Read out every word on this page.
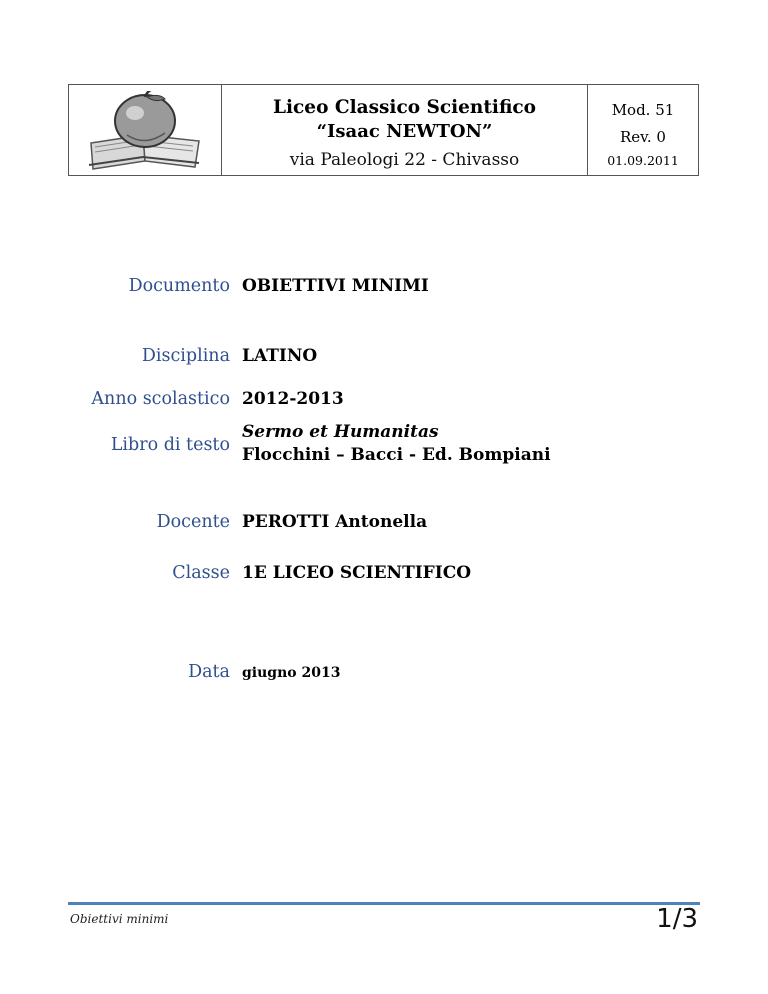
Liceo Classico Scientifico
“Isaac NEWTON”
via Paleologi 22 - Chivasso
Mod. 51
Rev. 0
01.09.2011
Documento OBIETTIVI MINIMI
Disciplina LATINO
Anno scolastico 2012-2013
Libro di testo
Sermo et Humanitas
Flocchini – Bacci - Ed. Bompiani
Docente PEROTTI Antonella
Classe 1E LICEO SCIENTIFICO
Data giugno 2013
Obiettivi minimi	1/3
